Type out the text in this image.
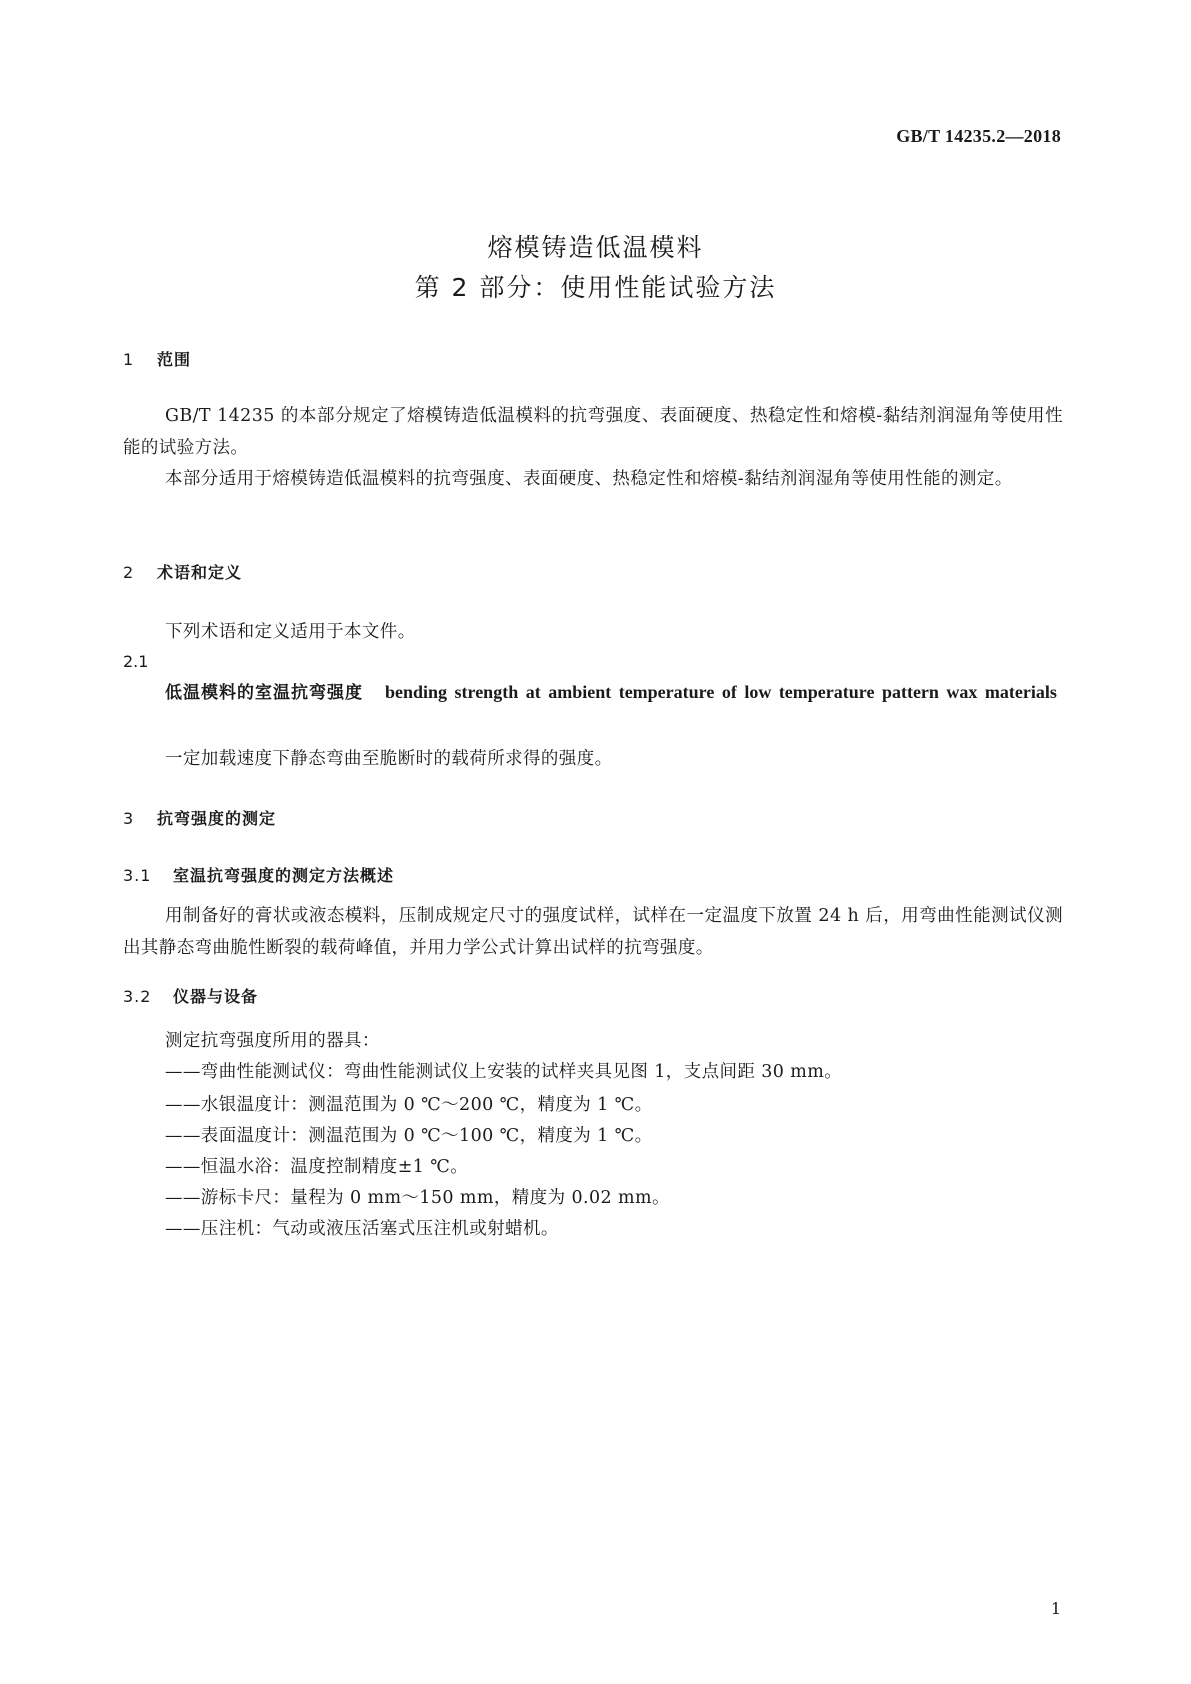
GB/T 14235.2—2018
熔模铸造低温模料
第 2 部分：使用性能试验方法
1 范围
GB/T 14235 的本部分规定了熔模铸造低温模料的抗弯强度、表面硬度、热稳定性和熔模-黏结剂润湿角等使用性能的试验方法。
本部分适用于熔模铸造低温模料的抗弯强度、表面硬度、热稳定性和熔模-黏结剂润湿角等使用性能的测定。
2 术语和定义
下列术语和定义适用于本文件。
2.1
低温模料的室温抗弯强度 bending strength at ambient temperature of low temperature pattern wax materials
一定加载速度下静态弯曲至脆断时的载荷所求得的强度。
3 抗弯强度的测定
3.1 室温抗弯强度的测定方法概述
用制备好的膏状或液态模料，压制成规定尺寸的强度试样，试样在一定温度下放置 24 h 后，用弯曲性能测试仪测出其静态弯曲脆性断裂的载荷峰值，并用力学公式计算出试样的抗弯强度。
3.2 仪器与设备
测定抗弯强度所用的器具：
——弯曲性能测试仪：弯曲性能测试仪上安装的试样夹具见图 1，支点间距 30 mm。
——水银温度计：测温范围为 0 ℃～200 ℃，精度为 1 ℃。
——表面温度计：测温范围为 0 ℃～100 ℃，精度为 1 ℃。
——恒温水浴：温度控制精度±1 ℃。
——游标卡尺：量程为 0 mm～150 mm，精度为 0.02 mm。
——压注机：气动或液压活塞式压注机或射蜡机。
1
